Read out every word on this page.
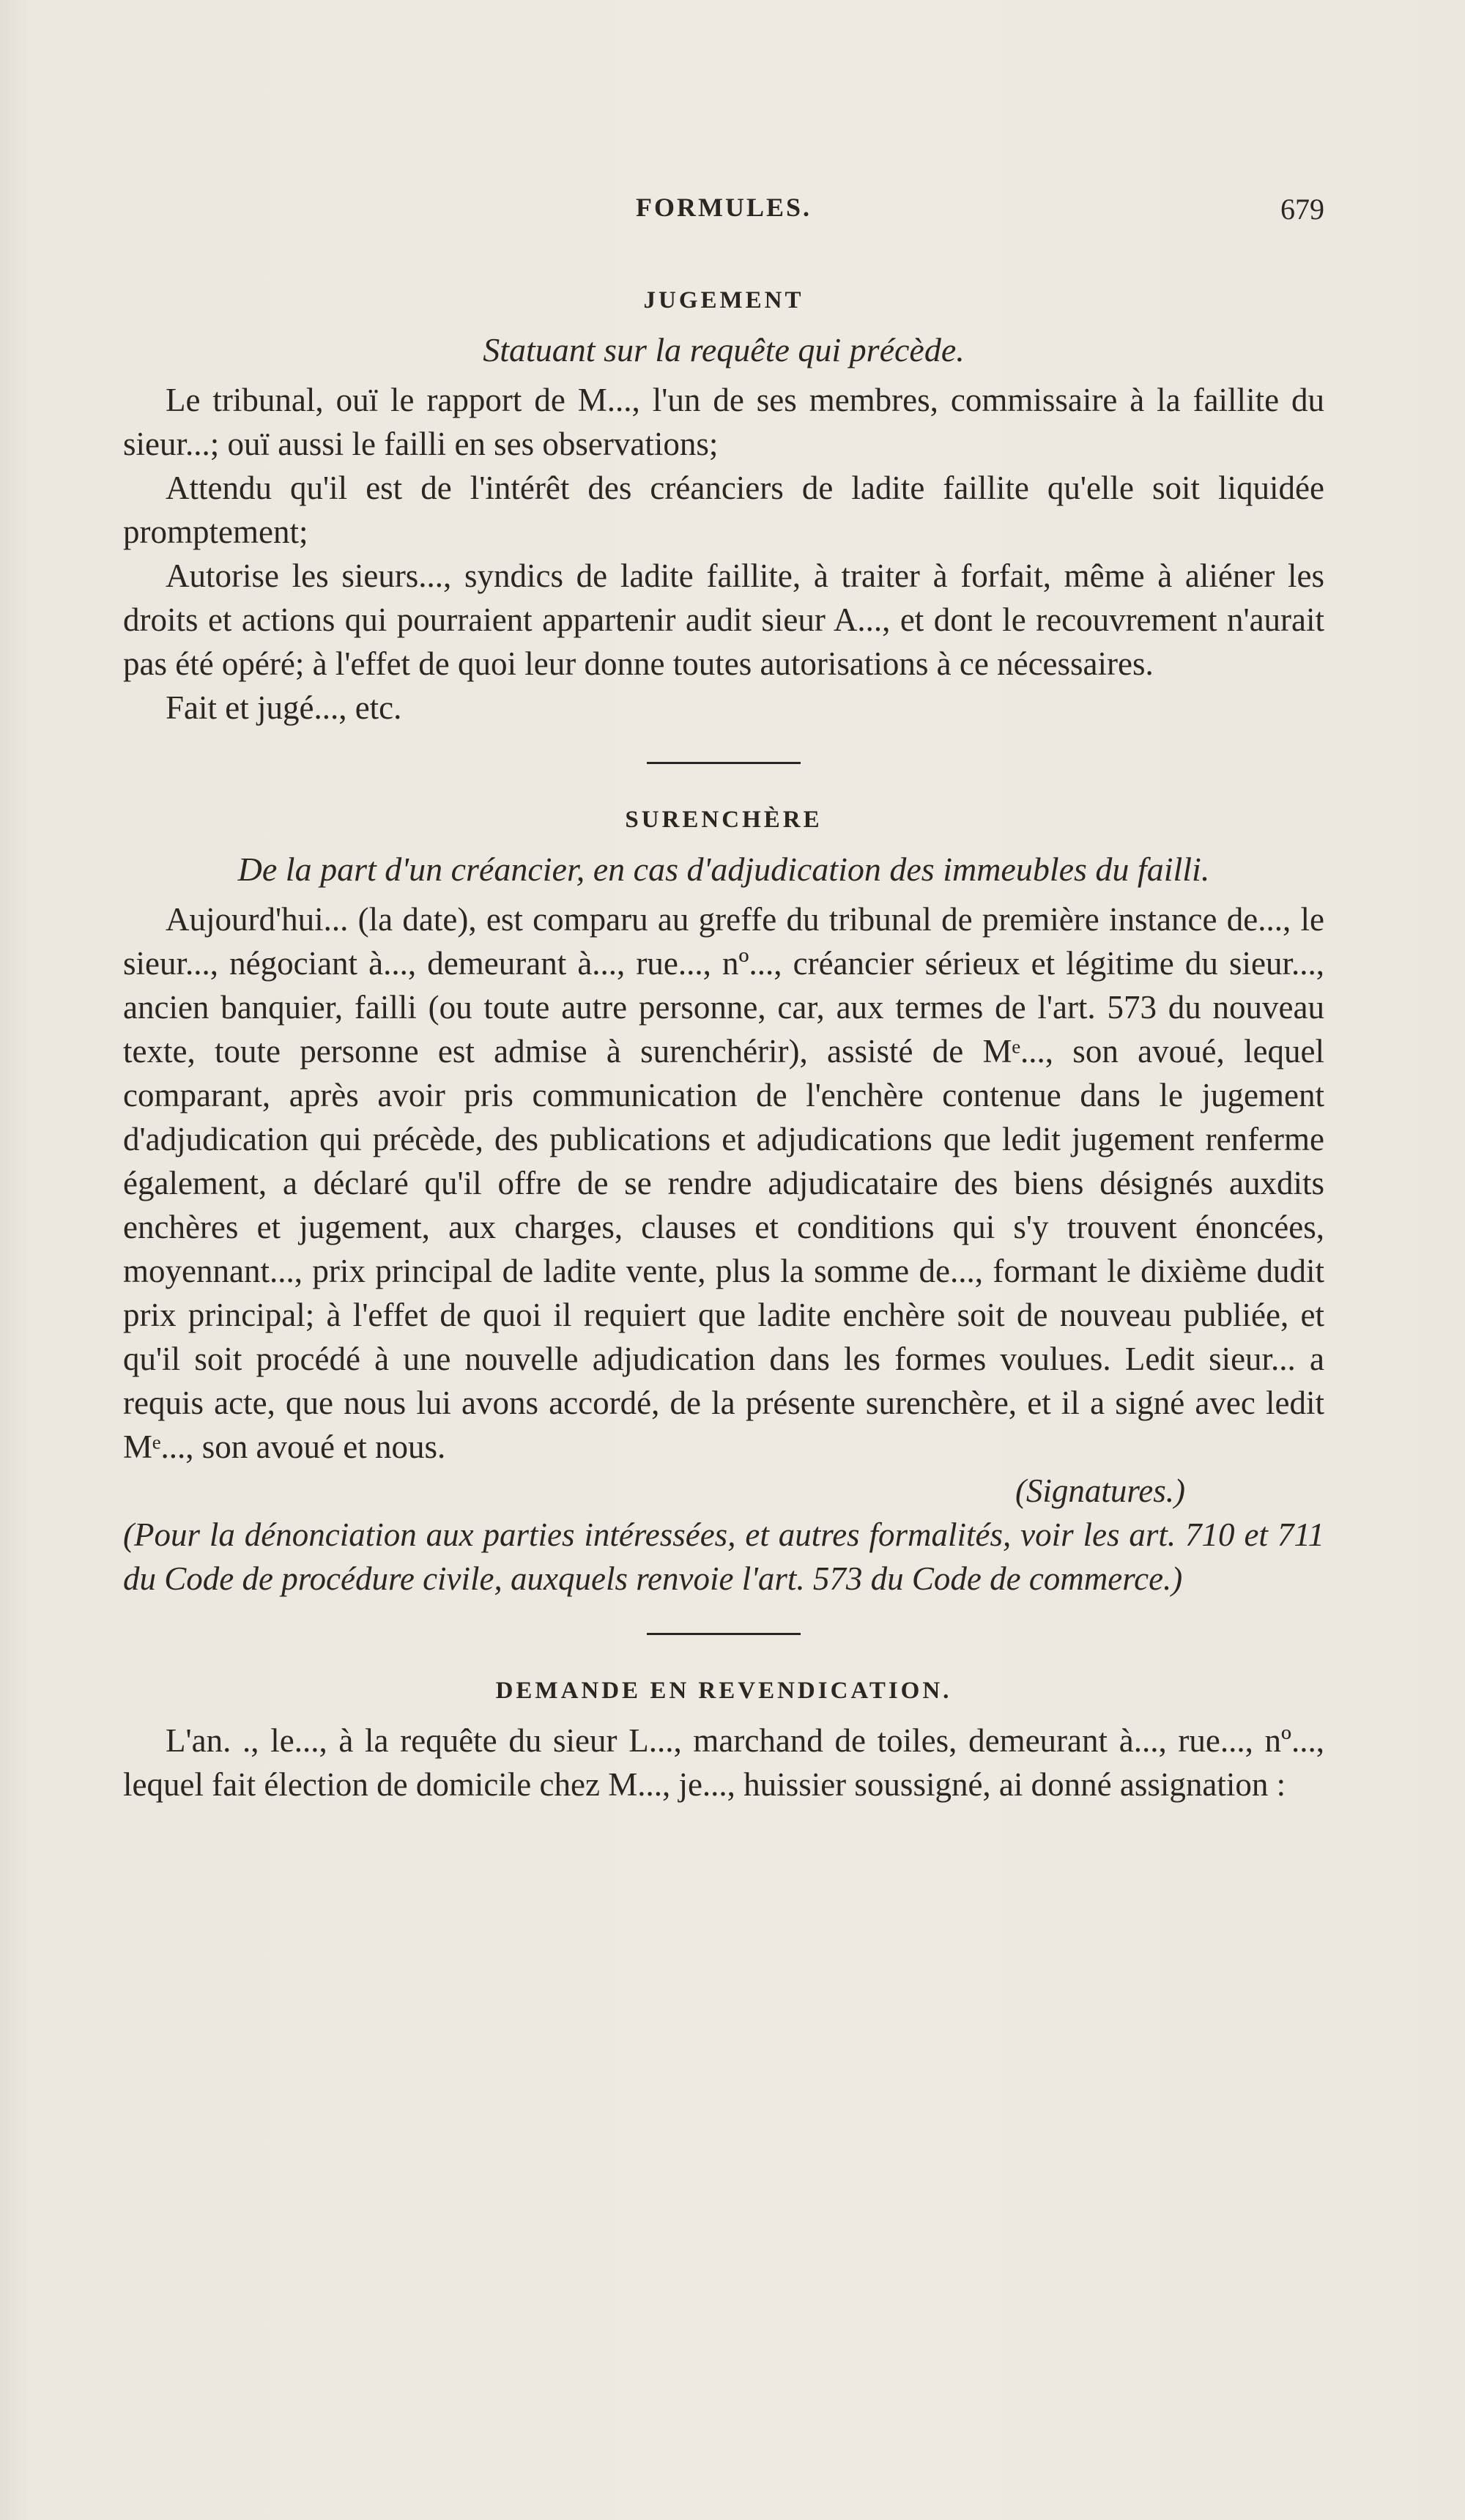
FORMULES.	679
JUGEMENT
Statuant sur la requête qui précède.

Le tribunal, ouï le rapport de M..., l'un de ses membres, commissaire à la faillite du sieur...; ouï aussi le failli en ses observations;

Attendu qu'il est de l'intérêt des créanciers de ladite faillite qu'elle soit liquidée promptement;

Autorise les sieurs..., syndics de ladite faillite, à traiter à forfait, même à aliéner les droits et actions qui pourraient appartenir audit sieur A..., et dont le recouvrement n'aurait pas été opéré; à l'effet de quoi leur donne toutes autorisations à ce nécessaires.

Fait et jugé..., etc.

SURENCHÈRE
De la part d'un créancier, en cas d'adjudication des immeubles du failli.

Aujourd'hui... (la date), est comparu au greffe du tribunal de première instance de..., le sieur..., négociant à..., demeurant à..., rue..., nº..., créancier sérieux et légitime du sieur..., ancien banquier, failli (ou toute autre personne, car, aux termes de l'art. 573 du nouveau texte, toute personne est admise à surenchérir), assisté de Mᵉ..., son avoué, lequel comparant, après avoir pris communication de l'enchère contenue dans le jugement d'adjudication qui précède, des publications et adjudications que ledit jugement renferme également, a déclaré qu'il offre de se rendre adjudicataire des biens désignés auxdits enchères et jugement, aux charges, clauses et conditions qui s'y trouvent énoncées, moyennant..., prix principal de ladite vente, plus la somme de..., formant le dixième dudit prix principal; à l'effet de quoi il requiert que ladite enchère soit de nouveau publiée, et qu'il soit procédé à une nouvelle adjudication dans les formes voulues. Ledit sieur... a requis acte, que nous lui avons accordé, de la présente surenchère, et il a signé avec ledit Mᵉ..., son avoué et nous.

(Signatures.)

(Pour la dénonciation aux parties intéressées, et autres formalités, voir les art. 710 et 711 du Code de procédure civile, auxquels renvoie l'art. 573 du Code de commerce.)

DEMANDE EN REVENDICATION.

L'an. ., le..., à la requête du sieur L..., marchand de toiles, demeurant à..., rue..., nº..., lequel fait élection de domicile chez M..., je..., huissier soussigné, ai donné assignation :
